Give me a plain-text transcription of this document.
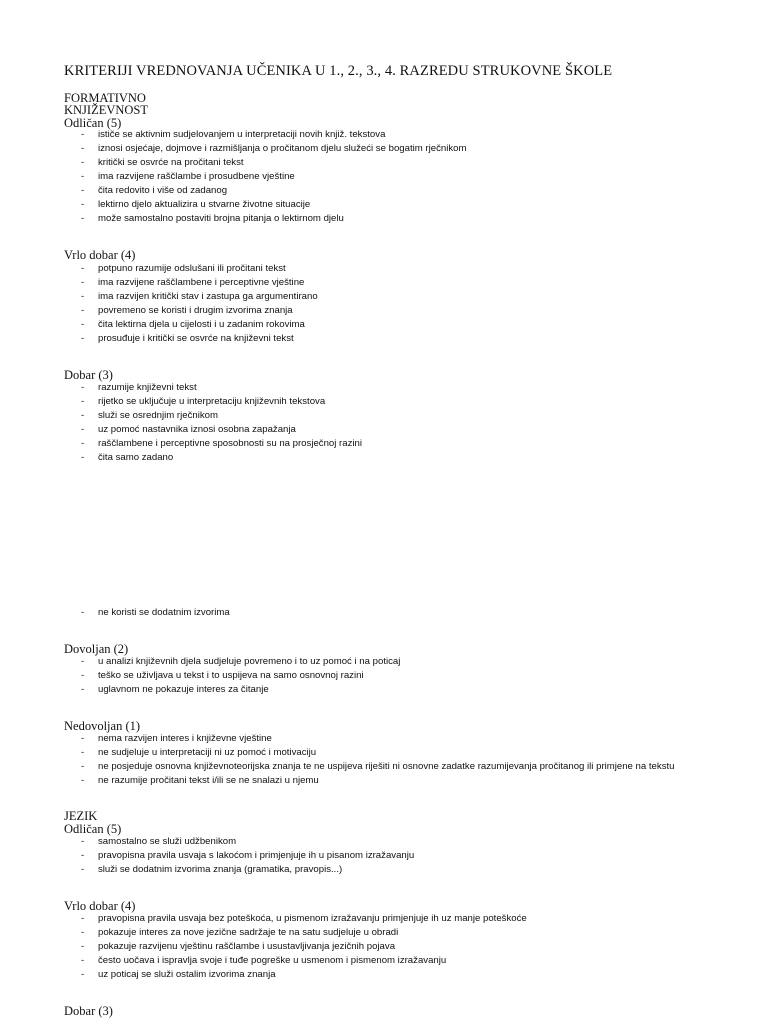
KRITERIJI VREDNOVANJA UČENIKA U 1., 2., 3., 4. RAZREDU STRUKOVNE ŠKOLE
FORMATIVNO
KNJIŽEVNOST
Odličan (5)
- ističe se aktivnim sudjelovanjem u interpretaciji novih knjiž. tekstova
- iznosi osjećaje, dojmove i razmišljanja o pročitanom djelu služeći se bogatim rječnikom
- kritički se osvrće na pročitani tekst
- ima razvijene raščlambe i prosudbene vještine
- čita redovito i više od zadanog
- lektirno djelo aktualizira u stvarne životne situacije
- može samostalno postaviti brojna pitanja o lektirnom djelu
Vrlo dobar (4)
- potpuno razumije odslušani ili pročitani tekst
- ima razvijene raščlambene i perceptivne vještine
- ima razvijen kritički stav i zastupa ga argumentirano
- povremeno se koristi i drugim izvorima znanja
- čita lektirna djela u cijelosti i u zadanim rokovima
- prosuđuje i kritički se osvrće na književni tekst
Dobar (3)
- razumije književni tekst
- rijetko se uključuje u interpretaciju književnih tekstova
- služi se osrednjim rječnikom
- uz pomoć nastavnika iznosi osobna zapažanja
- raščlambene i perceptivne sposobnosti su na prosječnoj razini
- čita samo zadano
- ne koristi se dodatnim izvorima
Dovoljan (2)
- u analizi književnih djela sudjeluje povremeno i to uz pomoć i na poticaj
- teško se uživljava u tekst i to uspijeva na samo osnovnoj razini
- uglavnom ne pokazuje interes za čitanje
Nedovoljan (1)
- nema razvijen interes i književne vještine
- ne sudjeluje u interpretaciji ni uz pomoć i motivaciju
- ne posjeduje osnovna književnoteorijska znanja te ne uspijeva riješiti ni osnovne zadatke razumijevanja pročitanog ili primjene na tekstu
- ne razumije pročitani tekst i/ili se ne snalazi u njemu
JEZIK
Odličan (5)
- samostalno se služi udžbenikom
- pravopisna pravila usvaja s lakoćom i primjenjuje ih u pisanom izražavanju
- služi se dodatnim izvorima znanja (gramatika, pravopis...)
Vrlo dobar (4)
- pravopisna pravila usvaja bez poteškoća, u pismenom izražavanju primjenjuje ih uz manje poteškoće
- pokazuje interes za nove jezične sadržaje te na satu sudjeluje u obradi
- pokazuje razvijenu vještinu raščlambe i usustavljivanja jezičnih pojava
- često uočava i ispravlja svoje i tuđe pogreške u usmenom i pismenom izražavanju
- uz poticaj se služi ostalim izvorima znanja
Dobar (3)
